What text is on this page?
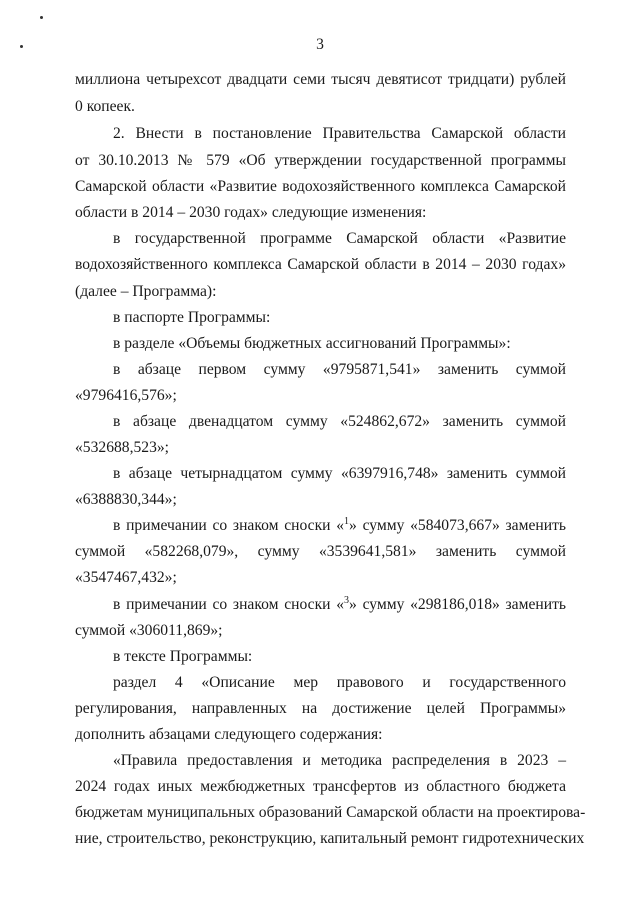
3
миллиона четырехсот двадцати семи тысяч девятисот тридцати) рублей
0 копеек.
2. Внести в постановление Правительства Самарской области
от 30.10.2013 № 579 «Об утверждении государственной программы
Самарской области «Развитие водохозяйственного комплекса Самарской
области в 2014 – 2030 годах» следующие изменения:
в государственной программе Самарской области «Развитие
водохозяйственного комплекса Самарской области в 2014 – 2030 годах»
(далее – Программа):
в паспорте Программы:
в разделе «Объемы бюджетных ассигнований Программы»:
в абзаце первом сумму «9795871,541» заменить суммой
«9796416,576»;
в абзаце двенадцатом сумму «524862,672» заменить суммой
«532688,523»;
в абзаце четырнадцатом сумму «6397916,748» заменить суммой
«6388830,344»;
в примечании со знаком сноски «$^1$» сумму «584073,667» заменить
суммой «582268,079», сумму «3539641,581» заменить суммой
«3547467,432»;
в примечании со знаком сноски «$^3$» сумму «298186,018» заменить
суммой «306011,869»;
в тексте Программы:
раздел 4 «Описание мер правового и государственного
регулирования, направленных на достижение целей Программы»
дополнить абзацами следующего содержания:
«Правила предоставления и методика распределения в 2023 –
2024 годах иных межбюджетных трансфертов из областного бюджета
бюджетам муниципальных образований Самарской области на проектирова-
ние, строительство, реконструкцию, капитальный ремонт гидротехнических
